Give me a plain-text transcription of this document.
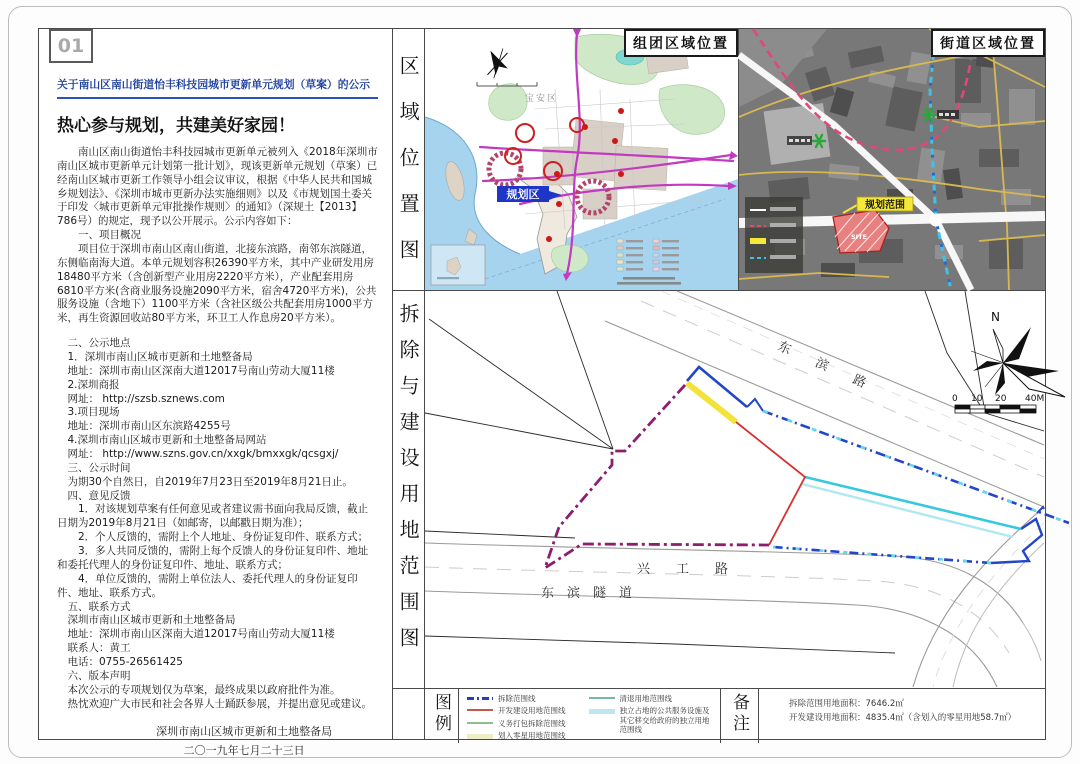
01
关于南山区南山街道怡丰科技园城市更新单元规划（草案）的公示

热心参与规划，共建美好家园！

南山区南山街道怡丰科技园城市更新单元被列入《2018年深圳市南山区城市更新单元计划第一批计划》，现该更新单元规划（草案）已经南山区城市更新工作领导小组会议审议，根据《中华人民共和国城乡规划法》、《深圳市城市更新办法实施细则》以及《市规划国土委关于印发〈城市更新单元审批操作规则〉的通知》（深规土【2013】786号）的规定，现予以公开展示。公示内容如下：

一、项目概况

项目位于深圳市南山区南山街道，北接东滨路，南邻东滨隧道，东侧临南海大道。本单元规划容积26390平方米，其中产业研发用房18480平方米（含创新型产业用房2220平方米），产业配套用房6810平方米(含商业服务设施2090平方米，宿舍4720平方米)，公共服务设施（含地下）1100平方米（含社区级公共配套用房1000平方米，再生资源回收站80平方米，环卫工人作息房20平方米）。

二、公示地点

1．深圳市南山区城市更新和土地整备局

地址：深圳市南山区深南大道12017号南山劳动大厦11楼

2.深圳商报

网址： http://szsb.sznews.com

3.项目现场

地址：深圳市南山区东滨路4255号

4.深圳市南山区城市更新和土地整备局网站

网址： http://www.szns.gov.cn/xxgk/bmxxgk/qcsgxj/

三、公示时间

为期30个自然日，自2019年7月23日至2019年8月21日止。

四、意见反馈

1．对该规划草案有任何意见或者建议需书面向我局反馈，截止日期为2019年8月21日（如邮寄，以邮戳日期为准）；

2．个人反馈的，需附上个人地址、身份证复印件、联系方式；

3．多人共同反馈的，需附上每个反馈人的身份证复印件、地址和委托代理人的身份证复印件、地址、联系方式；

4．单位反馈的，需附上单位法人、委托代理人的身份证复印件、地址、联系方式。

五、联系方式

深圳市南山区城市更新和土地整备局

地址：深圳市南山区深南大道12017号南山劳动大厦11楼

联系人：黄工

电话：0755-26561425

六、版本声明

本次公示的专项规划仅为草案，最终成果以政府批件为准。

热忱欢迎广大市民和社会各界人士踊跃参展，并提出意见或建议。

深圳市南山区城市更新和土地整备局
二〇一九年七月二十三日
区域位置图
拆除与建设用地范围图
组团区域位置
规划区
宝安区
街道区域位置
SITE
规划范围
东滨路
兴工路
东滨隧道
N
0 10 20 40M
图例	拆除范围线
开发建设用地范围线
义务打包拆除范围线
划入零星用地范围线
清退用地范围线
独立占地的公共服务设施及其它移交给政府的独立用地范围线	备注	拆除范围用地面积：7646.2㎡

开发建设用地面积：4835.4㎡（含划入的零星用地58.7㎡）
